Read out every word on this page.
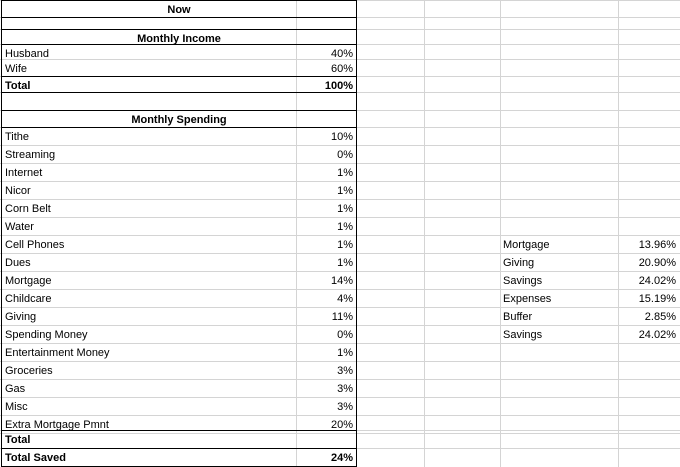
Now
Monthly Income
Husband	40%
Wife	60%
Total	100%
Monthly Spending
Tithe	10%
Streaming	0%
Internet	1%
Nicor	1%
Corn Belt	1%
Water	1%
Cell Phones	1%
Dues	1%
Mortgage	14%
Childcare	4%
Giving	11%
Spending Money	0%
Entertainment Money	1%
Groceries	3%
Gas	3%
Misc	3%
Extra Mortgage Pmnt	20%
Total
Total Saved	24%
Mortgage	13.96%
Giving	20.90%
Savings	24.02%
Expenses	15.19%
Buffer	2.85%
Savings	24.02%
